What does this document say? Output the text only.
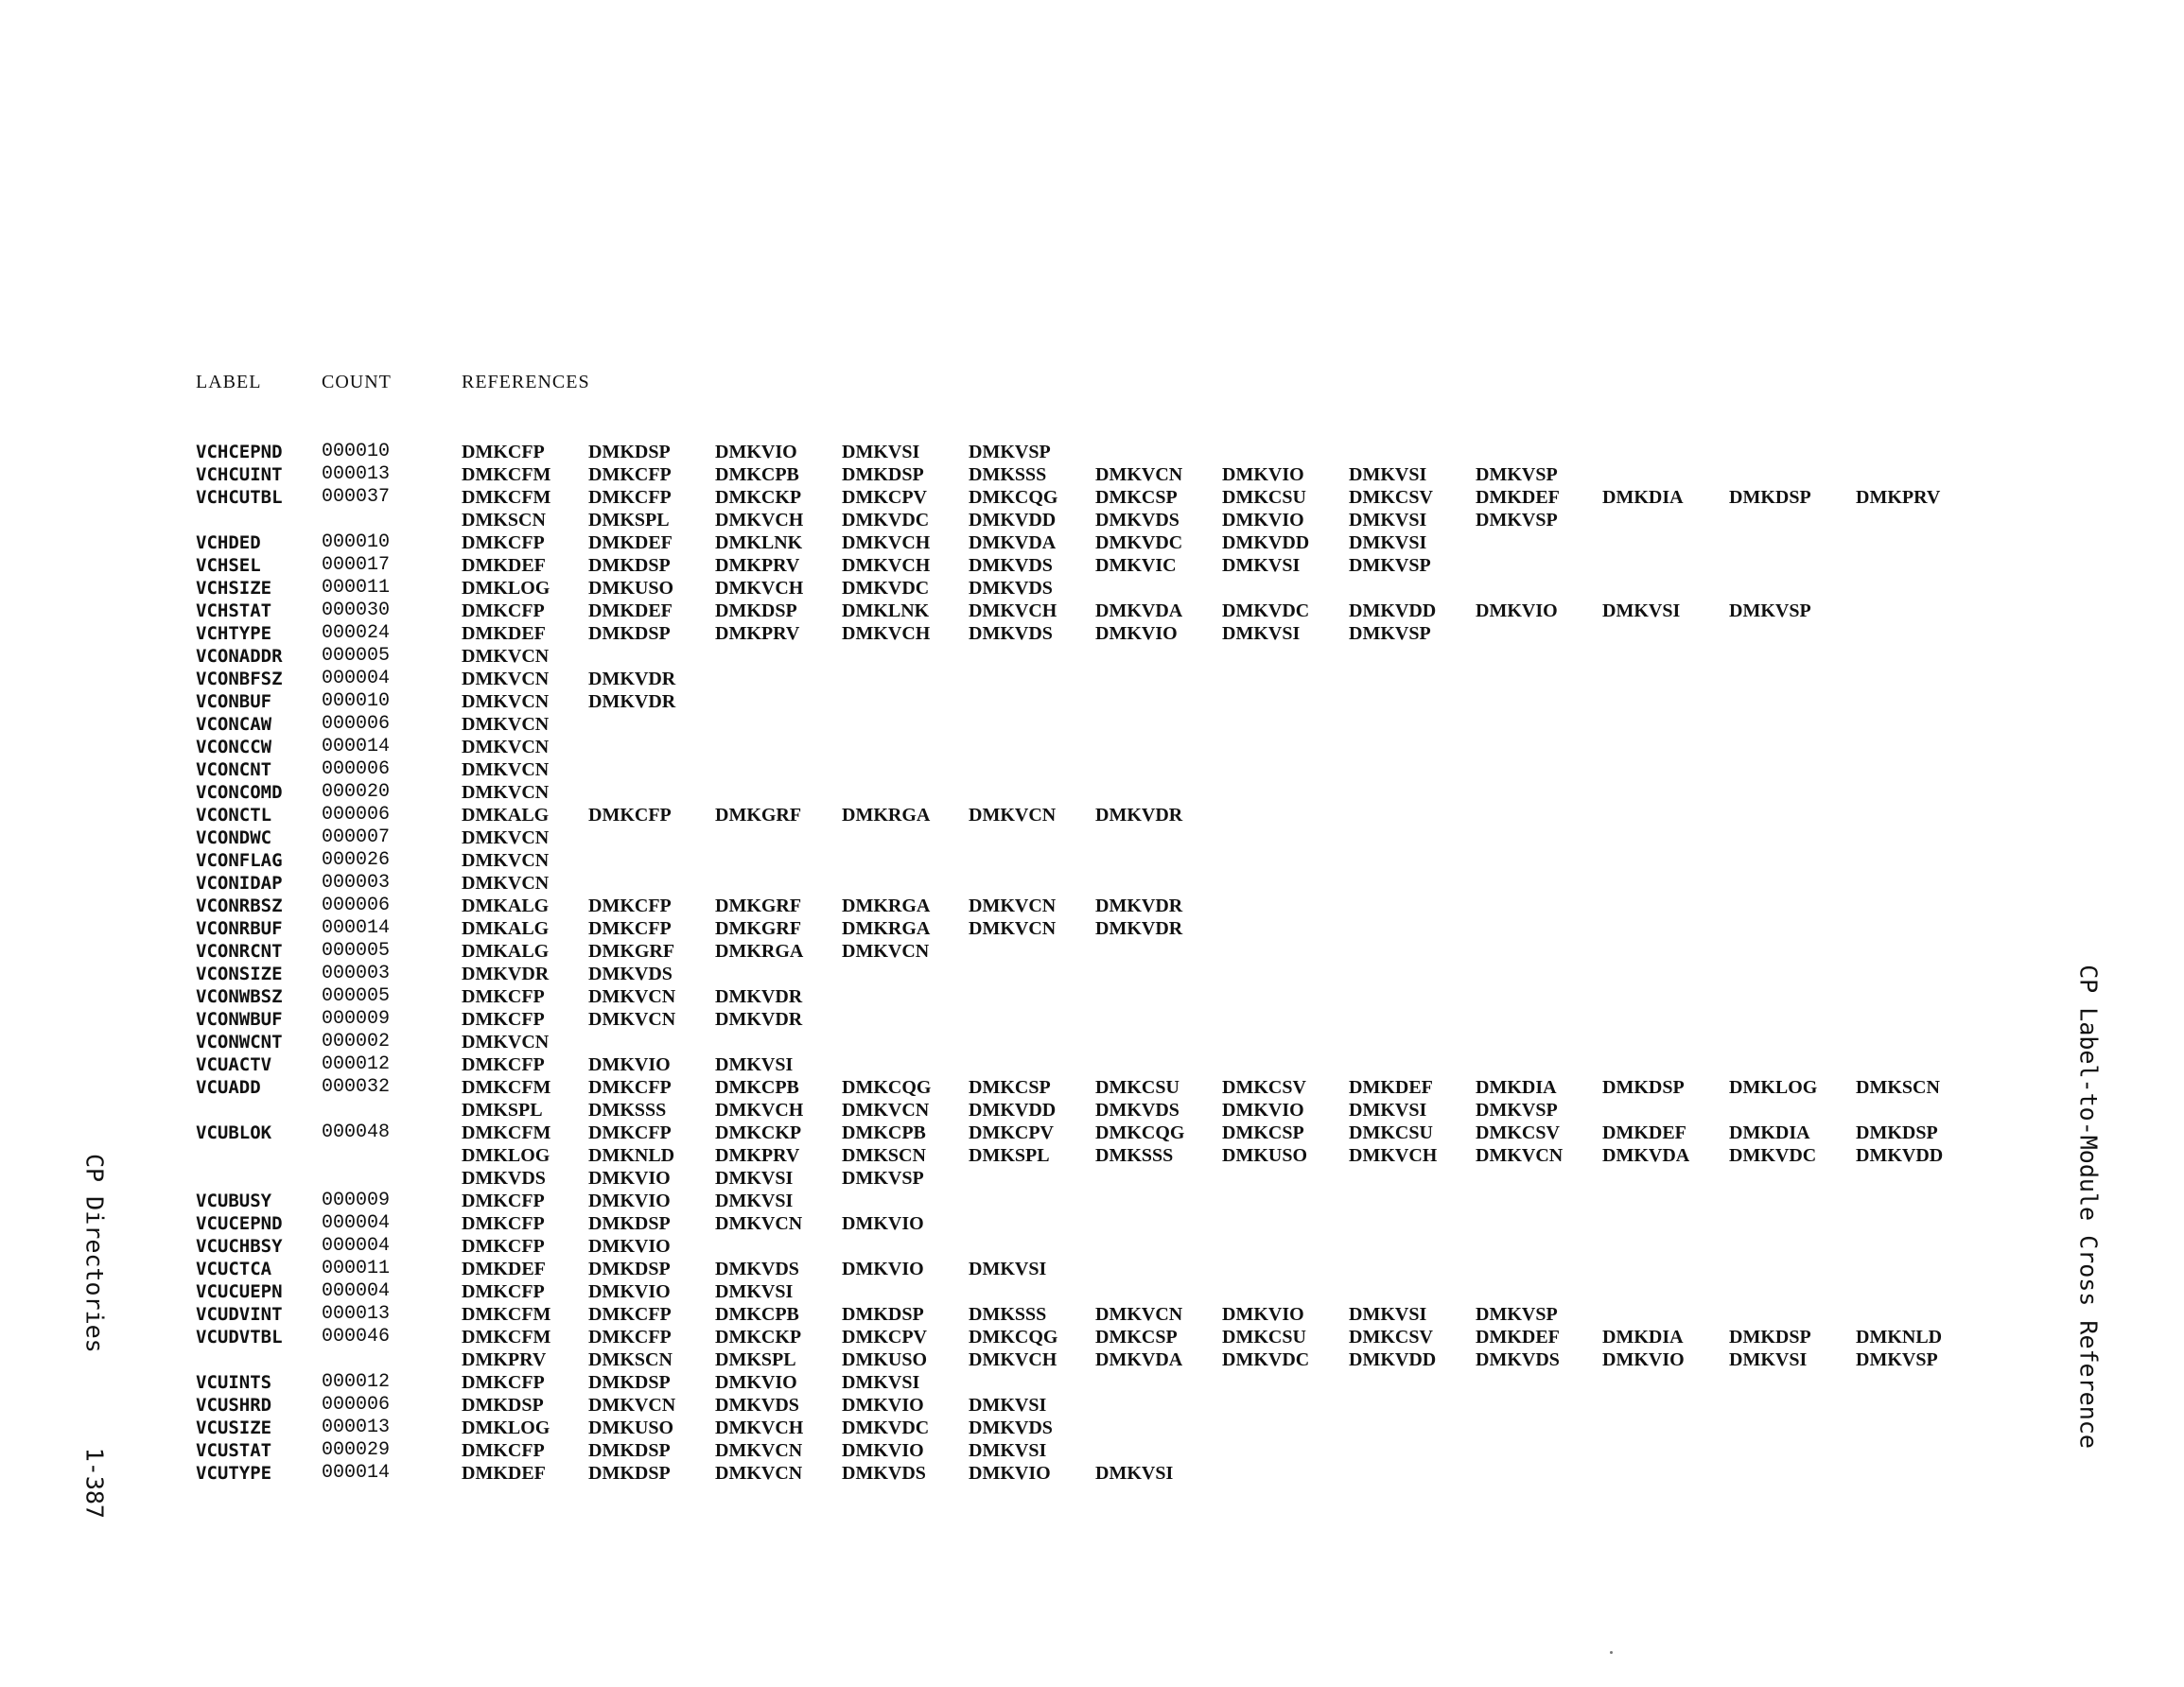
LABEL	COUNT	REFERENCES
VCHCEPND 000010	DMKCFP DMKDSP DMKVIO DMKVSI	DMKVSP
VCHCUINT 000013	DMKCFM DMKCFP DMKCPB DMKDSP DMKSSS	DMKVCN DMKVIO DMKVSI	DMKVSP
VCHCUTBL 000037	DMKCFM DMKCFP DMKCKP DMKCPV DMKCQG DMKCSP DMKCSU DMKCSV DMKDEF DMKDIA DMKDSP DMKPRV
DMKSCN DMKSPL DMKVCH DMKVDC DMKVDD DMKVDS DMKVIO DMKVSI	DMKVSP
VCHDED	000010	DMKCFP DMKDEF DMKLNK DMKVCH DMKVDA DMKVDC DMKVDD DMKVSI
VCHSEL	000017	DMKDEF DMKDSP DMKPRV DMKVCH DMKVDS DMKVIC DMKVSI	DMKVSP
VCHSIZE	000011	DMKLOG DMKUSO DMKVCH DMKVDC DMKVDS
VCHSTAT	000030	DMKCFP DMKDEF DMKDSP DMKLNK DMKVCH DMKVDA DMKVDC DMKVDD DMKVIO DMKVSI	DMKVSP
VCHTYPE	000024	DMKDEF DMKDSP DMKPRV DMKVCH DMKVDS DMKVIO DMKVSI	DMKVSP
VCONADDR 000005	DMKVCN
VCONBFSZ 000004	DMKVCN DMKVDR
VCONBUF	000010	DMKVCN DMKVDR
VCONCAW	000006	DMKVCN
VCONCCW	000014	DMKVCN
VCONCNT	000006	DMKVCN
VCONCOMD 000020	DMKVCN
VCONCTL	000006	DMKALG DMKCFP DMKGRF DMKRGA DMKVCN DMKVDR
VCONDWC	000007	DMKVCN
VCONFLAG 000026	DMKVCN
VCONIDAP 000003	DMKVCN
VCONRBSZ 000006	DMKALG DMKCFP DMKGRF DMKRGA DMKVCN DMKVDR
VCONRBUF 000014	DMKALG DMKCFP DMKGRF DMKRGA DMKVCN DMKVDR
VCONRCNT 000005	DMKALG DMKGRF DMKRGA DMKVCN
VCONSIZE 000003	DMKVDR DMKVDS
VCONWBSZ 000005	DMKCFP DMKVCN DMKVDR
VCONWBUF 000009	DMKCFP DMKVCN DMKVDR
VCONWCNT 000002	DMKVCN
VCUACTV	000012	DMKCFP DMKVIO DMKVSI
VCUADD	000032	DMKCFM DMKCFP DMKCPB DMKCQG DMKCSP DMKCSU DMKCSV DMKDEF DMKDIA DMKDSP DMKLOG DMKSCN
DMKSPL DMKSSS	DMKVCH DMKVCN DMKVDD DMKVDS DMKVIO DMKVSI	DMKVSP
VCUBLOK	000048	DMKCFM DMKCFP DMKCKP DMKCPB DMKCPV DMKCQG DMKCSP DMKCSU DMKCSV DMKDEF DMKDIA DMKDSP
DMKLOG DMKNLD DMKPRV DMKSCN DMKSPL DMKSSS	DMKUSO DMKVCH DMKVCN DMKVDA DMKVDC DMKVDD
DMKVDS DMKVIO DMKVSI	DMKVSP
VCUBUSY	000009	DMKCFP DMKVIO DMKVSI
VCUCEPND 000004	DMKCFP DMKDSP DMKVCN DMKVIO
VCUCHBSY 000004	DMKCFP DMKVIO
VCUCTCA	000011	DMKDEF DMKDSP DMKVDS DMKVIO DMKVSI
VCUCUEPN 000004	DMKCFP DMKVIO DMKVSI
VCUDVINT 000013	DMKCFM DMKCFP DMKCPB DMKDSP DMKSSS	DMKVCN DMKVIO DMKVSI	DMKVSP
VCUDVTBL 000046	DMKCFM DMKCFP DMKCKP DMKCPV DMKCQG DMKCSP DMKCSU DMKCSV DMKDEF DMKDIA DMKDSP DMKNLD
DMKPRV DMKSCN DMKSPL DMKUSO DMKVCH DMKVDA DMKVDC DMKVDD DMKVDS DMKVIO DMKVSI	DMKVSP
VCUINTS	000012	DMKCFP DMKDSP DMKVIO DMKVSI
VCUSHRD	000006	DMKDSP DMKVCN DMKVDS DMKVIO DMKVSI
VCUSIZE	000013	DMKLOG DMKUSO DMKVCH DMKVDC DMKVDS
VCUSTAT	000029	DMKCFP DMKDSP DMKVCN DMKVIO DMKVSI
VCUTYPE	000014	DMKDEF DMKDSP DMKVCN DMKVDS DMKVIO DMKVSI
CP Directories1-387
CP Label-to-Module Cross Reference
